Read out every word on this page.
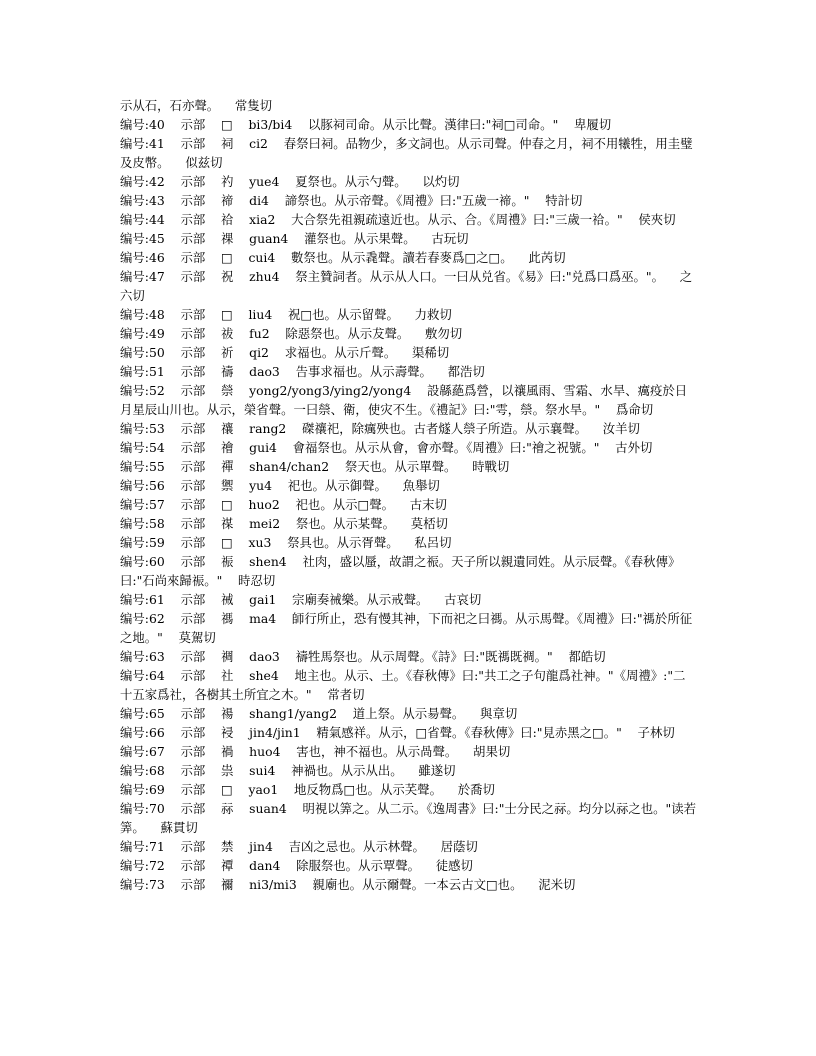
示从石，石亦聲。    常隻切

编号:40    示部    □    bi3/bi4    以豚祠司命。从示比聲。漢律曰:"祠□司命。"    卑履切

编号:41    示部    祠    ci2    春祭曰祠。品物少，多文詞也。从示司聲。仲春之月，祠不用犧牲，用圭璧及皮幣。    似兹切

编号:42    示部    礿    yue4    夏祭也。从示勺聲。    以灼切

编号:43    示部    禘    di4    諦祭也。从示帝聲。《周禮》曰:"五歲一禘。"    特計切

编号:44    示部    祫    xia2    大合祭先祖親疏遠近也。从示、合。《周禮》曰:"三歲一祫。"    侯夾切

编号:45    示部    祼    guan4    灌祭也。从示果聲。    古玩切

编号:46    示部    □    cui4    數祭也。从示毳聲。讀若春麥爲□之□。    此芮切

编号:47    示部    祝    zhu4    祭主贊詞者。从示从人口。一曰从兑省。《易》曰:"兑爲口爲巫。"。    之六切

编号:48    示部    □    liu4    祝□也。从示留聲。    力救切

编号:49    示部    祓    fu2    除惡祭也。从示犮聲。    敷勿切

编号:50    示部    祈    qi2    求福也。从示斤聲。    渠稀切

编号:51    示部    禱    dao3    告事求福也。从示壽聲。    都浩切

编号:52    示部    禜    yong2/yong3/ying2/yong4    設緜蕝爲營，以禳風雨、雪霜、水旱、癘疫於日月星辰山川也。从示，榮省聲。一曰禜、衛，使灾不生。《禮記》曰:"雩，禜。祭水旱。"    爲命切

编号:53    示部    禳    rang2    磔禳祀，除癘殃也。古者燧人禜子所造。从示襄聲。    汝羊切

编号:54    示部    禬    gui4    會福祭也。从示从會，會亦聲。《周禮》曰:"禬之祝號。"    古外切

编号:55    示部    禪    shan4/chan2    祭天也。从示單聲。    時戰切

编号:56    示部    禦    yu4    祀也。从示御聲。    魚舉切

编号:57    示部    □    huo2    祀也。从示□聲。    古末切

编号:58    示部    禖    mei2    祭也。从示某聲。    莫桮切

编号:59    示部    □    xu3    祭具也。从示胥聲。    私呂切

编号:60    示部    祳    shen4    社肉，盛以蜃，故謂之祳。天子所以親遺同姓。从示辰聲。《春秋傳》曰:"石尚來歸祳。"    時忍切

编号:61    示部    祴    gai1    宗廟奏祴樂。从示戒聲。    古哀切

编号:62    示部    禡    ma4    師行所止，恐有慢其神，下而祀之曰禡。从示馬聲。《周禮》曰:"禡於所征之地。"    莫駕切

编号:63    示部    禂    dao3    禱牲馬祭也。从示周聲。《詩》曰:"既禡既禂。"    都皓切

编号:64    示部    社    she4    地主也。从示、土。《春秋傳》曰:"共工之子句龍爲社神。"《周禮》:"二十五家爲社，各樹其土所宜之木。"    常者切

编号:65    示部    禓    shang1/yang2    道上祭。从示昜聲。    與章切

编号:66    示部    祲    jin4/jin1    精氣感祥。从示，□省聲。《春秋傳》曰:"見赤黑之□。"    子林切

编号:67    示部    禍    huo4    害也，神不福也。从示咼聲。    胡果切

编号:68    示部    祟    sui4    神禍也。从示从出。    雖遂切

编号:69    示部    □    yao1    地反物爲□也。从示芺聲。    於喬切

编号:70    示部    祘    suan4    明視以筭之。从二示。《逸周書》曰:"士分民之祘。均分以祘之也。"读若筭。    蘇貫切

编号:71    示部    禁    jin4    吉凶之忌也。从示林聲。    居蔭切

编号:72    示部    禫    dan4    除服祭也。从示覃聲。    徒感切

编号:73    示部    禰    ni3/mi3    親廟也。从示爾聲。一本云古文□也。    泥米切
